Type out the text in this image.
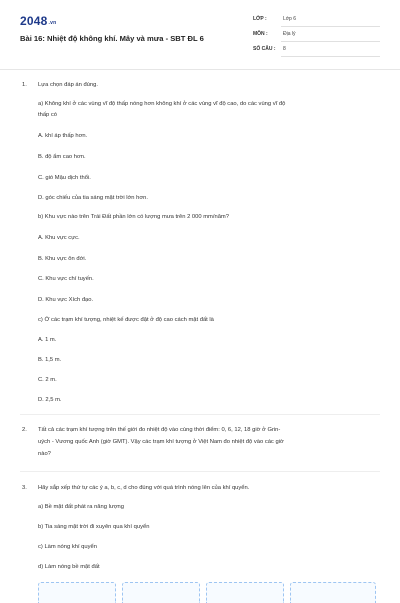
2048.vn
Bài 16: Nhiệt độ không khí. Mây và mưa - SBT ĐL 6
LỚP :	Lớp 6
MÔN :	Địa lý
SỐ CÂU : 8
1. Lựa chọn đáp án đúng.
a) Không khí ở các vùng vĩ độ thấp nóng hơn không khí ở các vùng vĩ độ cao, do các vùng vĩ độ
thấp có
A. khí áp thấp hơn.
B. độ ẩm cao hơn.
C. gió Mậu dịch thổi.
D. góc chiếu của tia sáng mặt trời lớn hơn.
b) Khu vực nào trên Trái Đất phần lớn có lượng mưa trên 2 000 mm/năm?
A. Khu vực cực.
B. Khu vực ôn đới.
C. Khu vực chí tuyến.
D. Khu vực Xích đạo.
c) Ở các trạm khí tượng, nhiệt kế được đặt ở độ cao cách mặt đất là
A. 1 m.
B. 1,5 m.
C. 2 m.
D. 2,5 m.
2. Tất cả các trạm khí tượng trên thế giới đo nhiệt độ vào cùng thời điểm: 0, 6, 12, 18 giờ ở Grin-
uých - Vương quốc Anh (giờ GMT). Vậy các trạm khí tượng ở Việt Nam đo nhiệt độ vào các giờ
nào?
3. Hãy sắp xếp thứ tự các ý a, b, c, d cho đúng với quá trình nóng lên của khí quyển.
a) Bề mặt đất phát ra năng lượng
b) Tia sáng mặt trời đi xuyên qua khí quyển
c) Làm nóng khí quyển
d) Làm nóng bề mặt đất
